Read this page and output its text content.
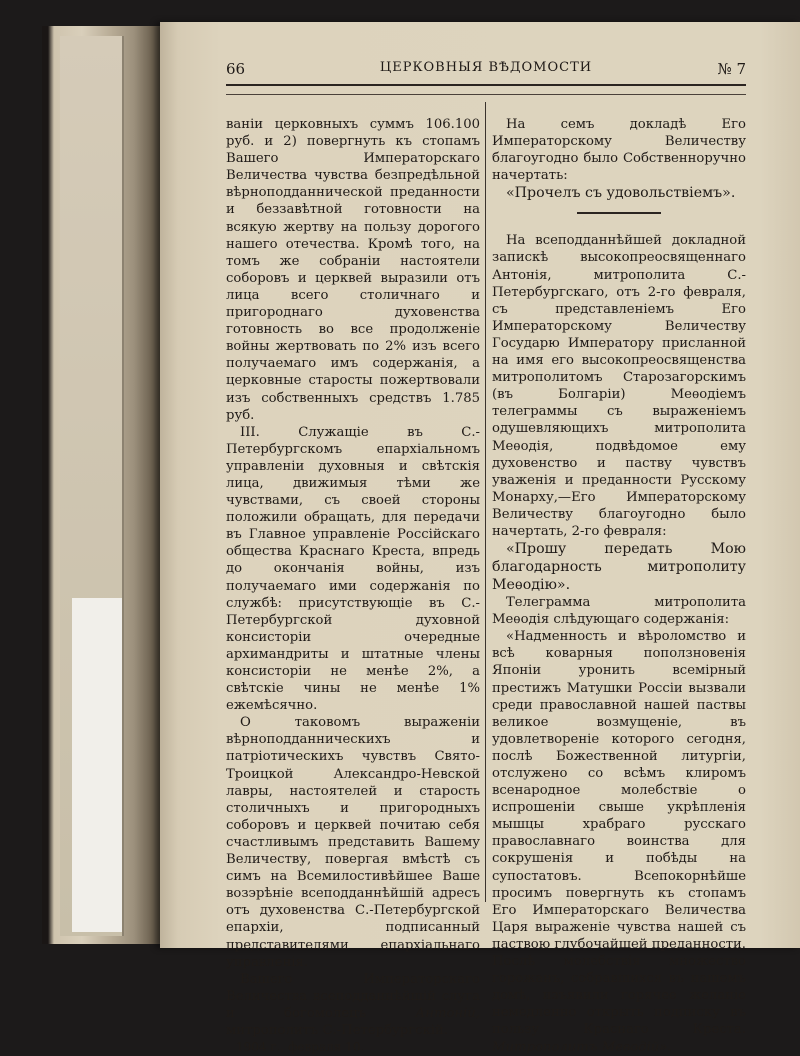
66	ЦЕРКОВНЫЯ ВѢДОМОСТИ	№ 7

ванiи церковныхъ суммъ 106.100 руб. и 2) повергнуть къ стопамъ Вашего Императорскаго Величества чувства безпредѣльной вѣрноподданнической преданности и беззавѣтной готовности на всякую жертву на пользу дорогого нашего отечества. Кромѣ того, на томъ же собранiи настоятели соборовъ и церквей выразили отъ лица всего столичнаго и пригороднаго духовенства готовность во все продолженiе войны жертвовать по 2% изъ всего получаемаго имъ содержанiя, а церковные старосты пожертвовали изъ собственныхъ средствъ 1.785 руб.

III. Служащiе въ С.-Петербургскомъ епархiальномъ управленiи духовныя и свѣтскiя лица, движимыя тѣми же чувствами, съ своей стороны положили обращать, для передачи въ Главное управленiе Россiйскаго общества Краснаго Креста, впредь до окончанiя войны, изъ получаемаго ими содержанiя по службѣ: присутствующiе въ С.-Петербургской духовной консисторiи очередные архимандриты и штатные члены консисторiи не менѣе 2%, а свѣтскiе чины не менѣе 1% ежемѣсячно.

О таковомъ выраженiи вѣрноподданническихъ и патрiотическихъ чувствъ Свято-Троицкой Александро-Невской лавры, настоятелей и старость столичныхъ и пригородныхъ соборовъ и церквей почитаю себя счастливымъ представить Вашему Величеству, повергая вмѣстѣ съ симъ на Всемилостивѣйшее Ваше возэрѣнiе всеподданнѣйшiй адресъ отъ духовенства С.-Петербургской епархiи, подписанный представителями епархiальнаго управленiя.

Вашего Императорскаго Величества всеподданнѣйшiй слуга и богомолецъ	Антонiй, митрополитъ С.-Петербургскiй.

1904 г., февраля 10.

На семъ докладѣ Его Императорскому Величеству благоугодно было Собственноручно начертать:

«Прочелъ съ удовольствiемъ».

На всеподданнѣйшей докладной запискѣ высокопреосвященнаго Антонiя, митрополита С.-Петербургскаго, отъ 2-го февраля, съ представленiемъ Его Императорскому Величеству Государю Императору присланной на имя его высокопреосвященства митрополитомъ Старозагорскимъ (въ Болгарiи) Меѳодiемъ телеграммы съ выраженiемъ одушевляющихъ митрополита Меѳодiя, подвѣдомое ему духовенство и паству чувствъ уваженiя и преданности Русскому Монарху,—Его Императорскому Величеству благоугодно было начертать, 2-го февраля:

«Прошу передать Мою благодарность митрополиту Меѳодiю».

Телеграмма митрополита Меѳодiя слѣдующаго содержанiя:

«Надменность и вѣроломство и всѣ коварныя поползновенiя Японiи уронить всемiрный престижъ Матушки Россiи вызвали среди православной нашей паствы великое возмущенiе, въ удовлетворенiе которого сегодня, послѣ Божественной литургiи, отслужено со всѣмъ клиромъ всенародное молебствiе о испрошенiи свыше укрѣпленiя мышцы храбраго русскаго православнаго воинства для сокрушенiя и побѣды на супостатовъ. Всепокорнѣйше просимъ повергнуть къ стопамъ Его Императорскаго Величества Царя выраженiе чувства нашей съ паствою глубочайшей преданности. Послѣ молебствiя множество горожанъ, собравшихся въ нашемъ домѣ, изъявили горячее желанiе немедленно открыть подписку въ пользу Краснаго Креста. Митрополитъ Меѳодiй».
